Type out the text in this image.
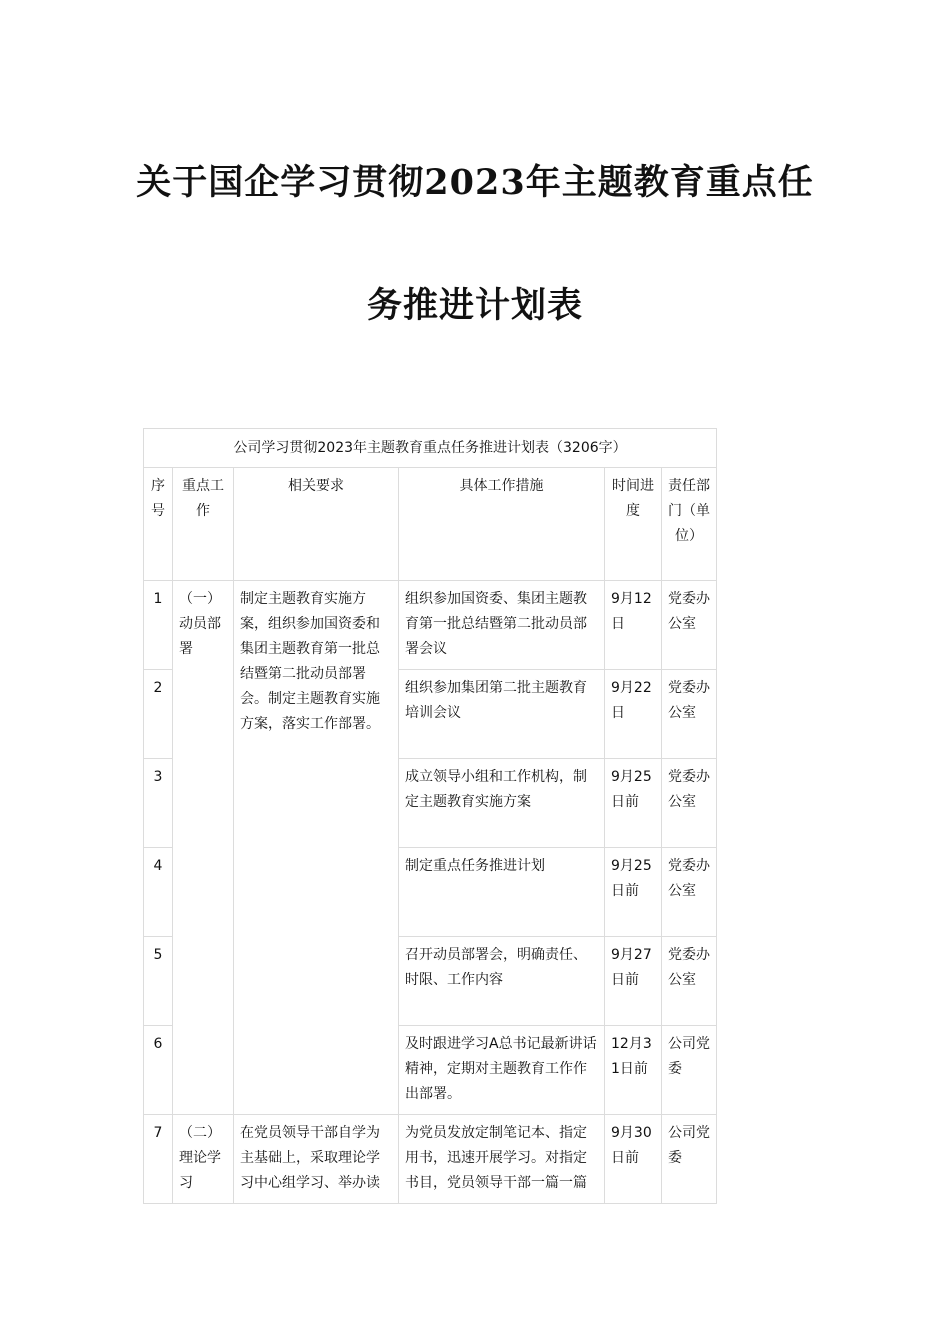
关于国企学习贯彻2023年主题教育重点任
务推进计划表
公司学习贯彻2023年主题教育重点任务推进计划表（3206字）					
序号	重点工作	相关要求	具体工作措施	时间进度	责任部门（单位）
1	（一）动员部署	制定主题教育实施方案，组织参加国资委和集团主题教育第一批总结暨第二批动员部署会。制定主题教育实施方案，落实工作部署。	组织参加国资委、集团主题教育第一批总结暨第二批动员部署会议	9月12日	党委办公室
2			组织参加集团第二批主题教育培训会议	9月22日	党委办公室
3			成立领导小组和工作机构，制定主题教育实施方案	9月25日前	党委办公室
4			制定重点任务推进计划	9月25日前	党委办公室
5			召开动员部署会，明确责任、时限、工作内容	9月27日前	党委办公室
6			及时跟进学习A总书记最新讲话精神，定期对主题教育工作作出部署。	12月31日前	公司党委
7	（二）理论学习	在党员领导干部自学为主基础上，采取理论学习中心组学习、举办读	为党员发放定制笔记本、指定用书，迅速开展学习。对指定书目，党员领导干部一篇一篇	9月30日前	公司党委
